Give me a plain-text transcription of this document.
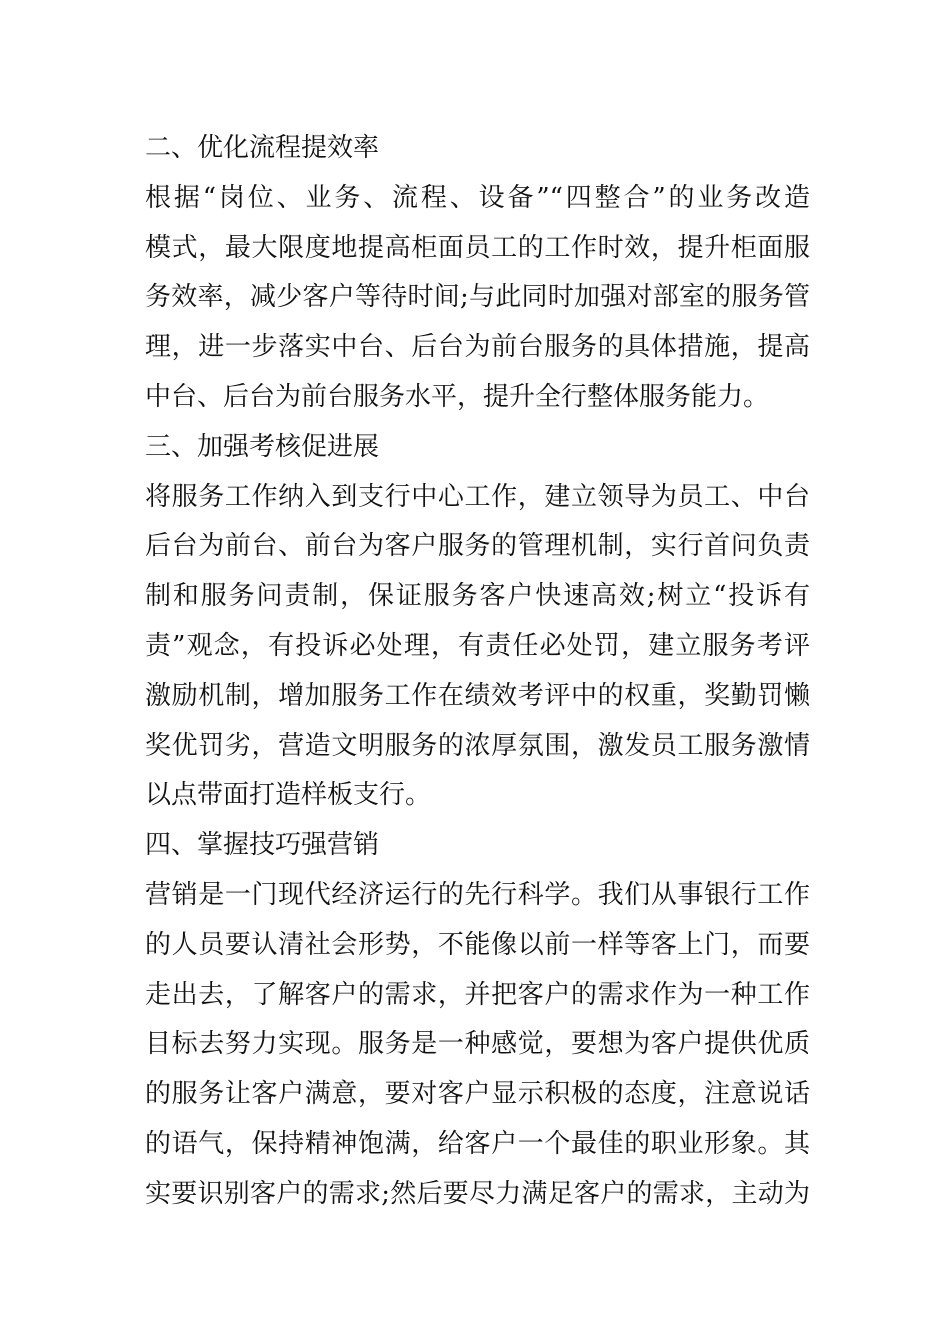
二、优化流程提效率
根据“岗位、业务、流程、设备”“四整合”的业务改造
模式，最大限度地提高柜面员工的工作时效，提升柜面服
务效率，减少客户等待时间;与此同时加强对部室的服务管
理，进一步落实中台、后台为前台服务的具体措施，提高
中台、后台为前台服务水平，提升全行整体服务能力。
三、加强考核促进展
将服务工作纳入到支行中心工作，建立领导为员工、中台
后台为前台、前台为客户服务的管理机制，实行首问负责
制和服务问责制，保证服务客户快速高效;树立“投诉有
责”观念，有投诉必处理，有责任必处罚，建立服务考评
激励机制，增加服务工作在绩效考评中的权重，奖勤罚懒
奖优罚劣，营造文明服务的浓厚氛围，激发员工服务激情
以点带面打造样板支行。
四、掌握技巧强营销
营销是一门现代经济运行的先行科学。我们从事银行工作
的人员要认清社会形势，不能像以前一样等客上门，而要
走出去，了解客户的需求，并把客户的需求作为一种工作
目标去努力实现。服务是一种感觉，要想为客户提供优质
的服务让客户满意，要对客户显示积极的态度，注意说话
的语气，保持精神饱满，给客户一个最佳的职业形象。其
实要识别客户的需求;然后要尽力满足客户的需求，主动为
